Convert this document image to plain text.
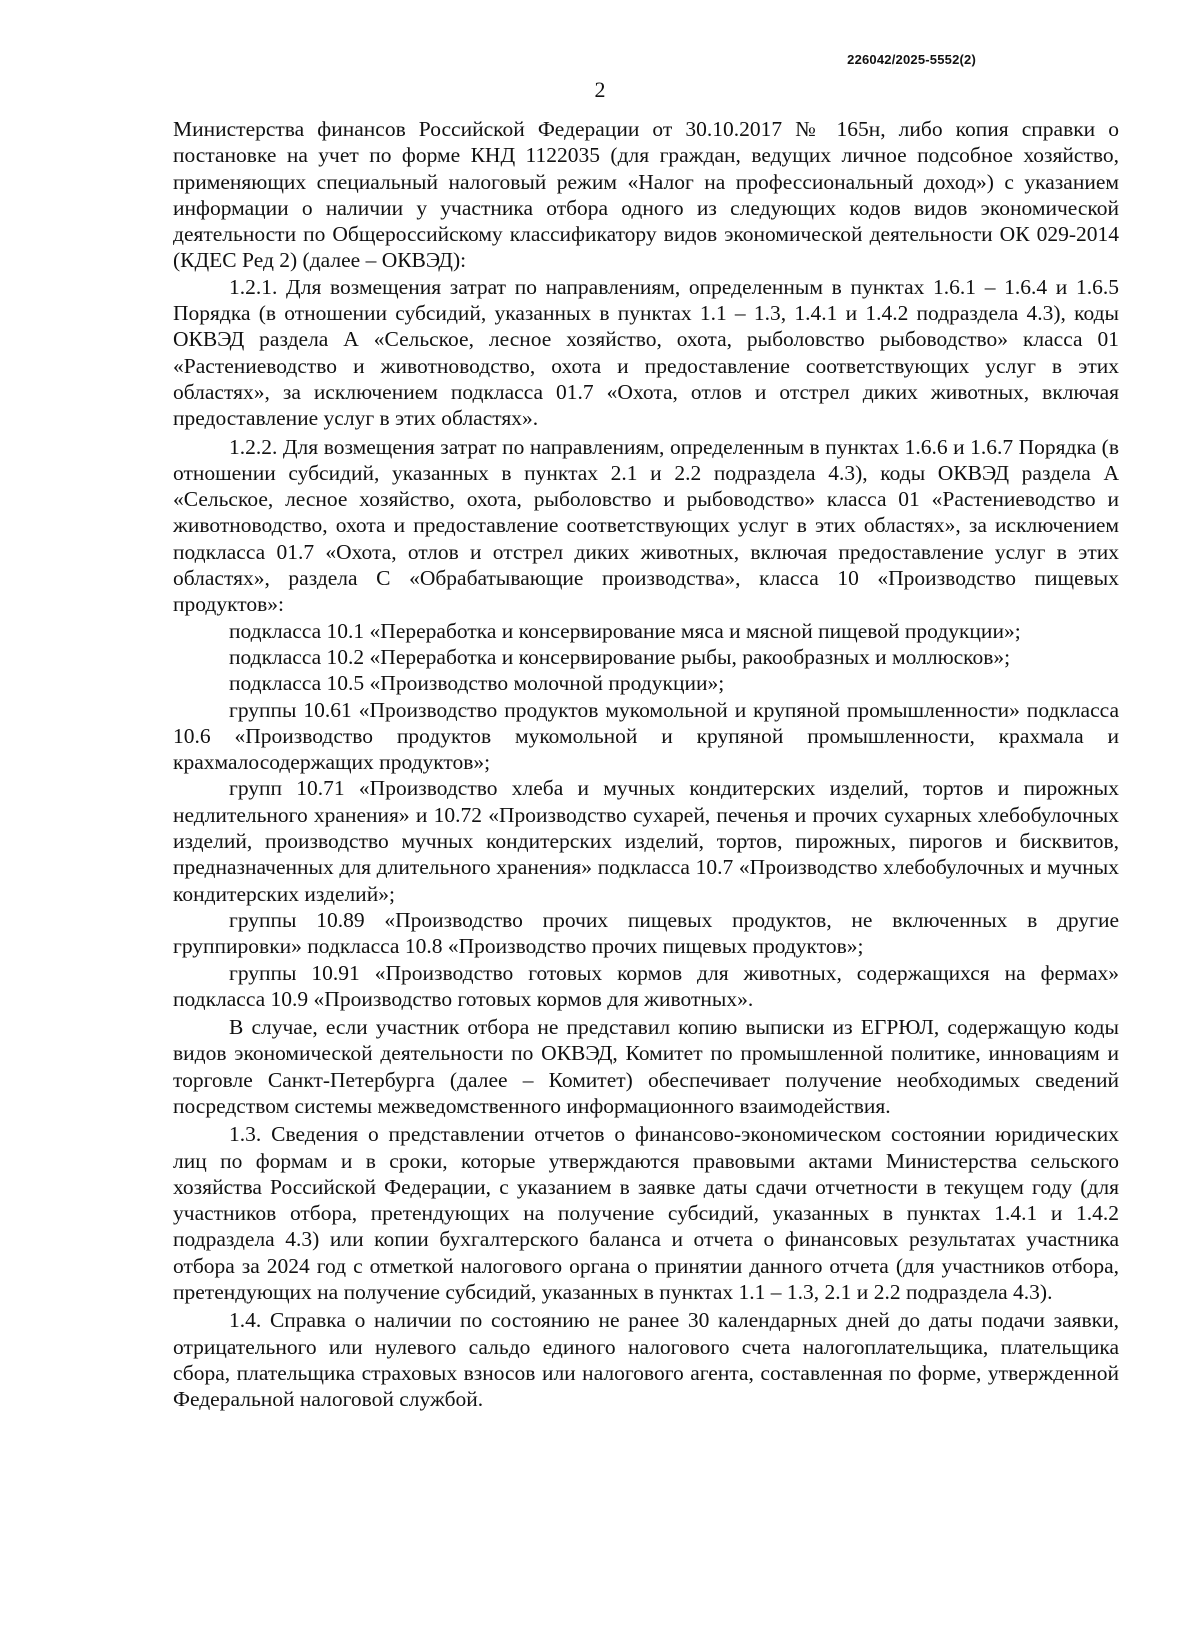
226042/2025-5552(2)
2

Министерства финансов Российской Федерации от 30.10.2017 № 165н, либо копия справки о постановке на учет по форме КНД 1122035 (для граждан, ведущих личное подсобное хозяйство, применяющих специальный налоговый режим «Налог на профессиональный доход») с указанием информации о наличии у участника отбора одного из следующих кодов видов экономической деятельности по Общероссийскому классификатору видов экономической деятельности ОК 029-2014 (КДЕС Ред 2) (далее – ОКВЭД):

1.2.1. Для возмещения затрат по направлениям, определенным в пунктах 1.6.1 – 1.6.4 и 1.6.5 Порядка (в отношении субсидий, указанных в пунктах 1.1 – 1.3, 1.4.1 и 1.4.2 подраздела 4.3), коды ОКВЭД раздела А «Сельское, лесное хозяйство, охота, рыболовство рыбоводство» класса 01 «Растениеводство и животноводство, охота и предоставление соответствующих услуг в этих областях», за исключением подкласса 01.7 «Охота, отлов и отстрел диких животных, включая предоставление услуг в этих областях».

1.2.2. Для возмещения затрат по направлениям, определенным в пунктах 1.6.6 и 1.6.7 Порядка (в отношении субсидий, указанных в пунктах 2.1 и 2.2 подраздела 4.3), коды ОКВЭД раздела А «Сельское, лесное хозяйство, охота, рыболовство и рыбоводство» класса 01 «Растениеводство и животноводство, охота и предоставление соответствующих услуг в этих областях», за исключением подкласса 01.7 «Охота, отлов и отстрел диких животных, включая предоставление услуг в этих областях», раздела С «Обрабатывающие производства», класса 10 «Производство пищевых продуктов»:

подкласса 10.1 «Переработка и консервирование мяса и мясной пищевой продукции»;

подкласса 10.2 «Переработка и консервирование рыбы, ракообразных и моллюсков»;

подкласса 10.5 «Производство молочной продукции»;

группы 10.61 «Производство продуктов мукомольной и крупяной промышленности» подкласса 10.6 «Производство продуктов мукомольной и крупяной промышленности, крахмала и крахмалосодержащих продуктов»;

групп 10.71 «Производство хлеба и мучных кондитерских изделий, тортов и пирожных недлительного хранения» и 10.72 «Производство сухарей, печенья и прочих сухарных хлебобулочных изделий, производство мучных кондитерских изделий, тортов, пирожных, пирогов и бисквитов, предназначенных для длительного хранения» подкласса 10.7 «Производство хлебобулочных и мучных кондитерских изделий»;

группы 10.89 «Производство прочих пищевых продуктов, не включенных в другие группировки» подкласса 10.8 «Производство прочих пищевых продуктов»;

группы 10.91 «Производство готовых кормов для животных, содержащихся на фермах» подкласса 10.9 «Производство готовых кормов для животных».

В случае, если участник отбора не представил копию выписки из ЕГРЮЛ, содержащую коды видов экономической деятельности по ОКВЭД, Комитет по промышленной политике, инновациям и торговле Санкт-Петербурга (далее – Комитет) обеспечивает получение необходимых сведений посредством системы межведомственного информационного взаимодействия.

1.3. Сведения о представлении отчетов о финансово-экономическом состоянии юридических лиц по формам и в сроки, которые утверждаются правовыми актами Министерства сельского хозяйства Российской Федерации, с указанием в заявке даты сдачи отчетности в текущем году (для участников отбора, претендующих на получение субсидий, указанных в пунктах 1.4.1 и 1.4.2 подраздела 4.3) или копии бухгалтерского баланса и отчета о финансовых результатах участника отбора за 2024 год с отметкой налогового органа о принятии данного отчета (для участников отбора, претендующих на получение субсидий, указанных в пунктах 1.1 – 1.3, 2.1 и 2.2 подраздела 4.3).

1.4. Справка о наличии по состоянию не ранее 30 календарных дней до даты подачи заявки, отрицательного или нулевого сальдо единого налогового счета налогоплательщика, плательщика сбора, плательщика страховых взносов или налогового агента, составленная по форме, утвержденной Федеральной налоговой службой.
